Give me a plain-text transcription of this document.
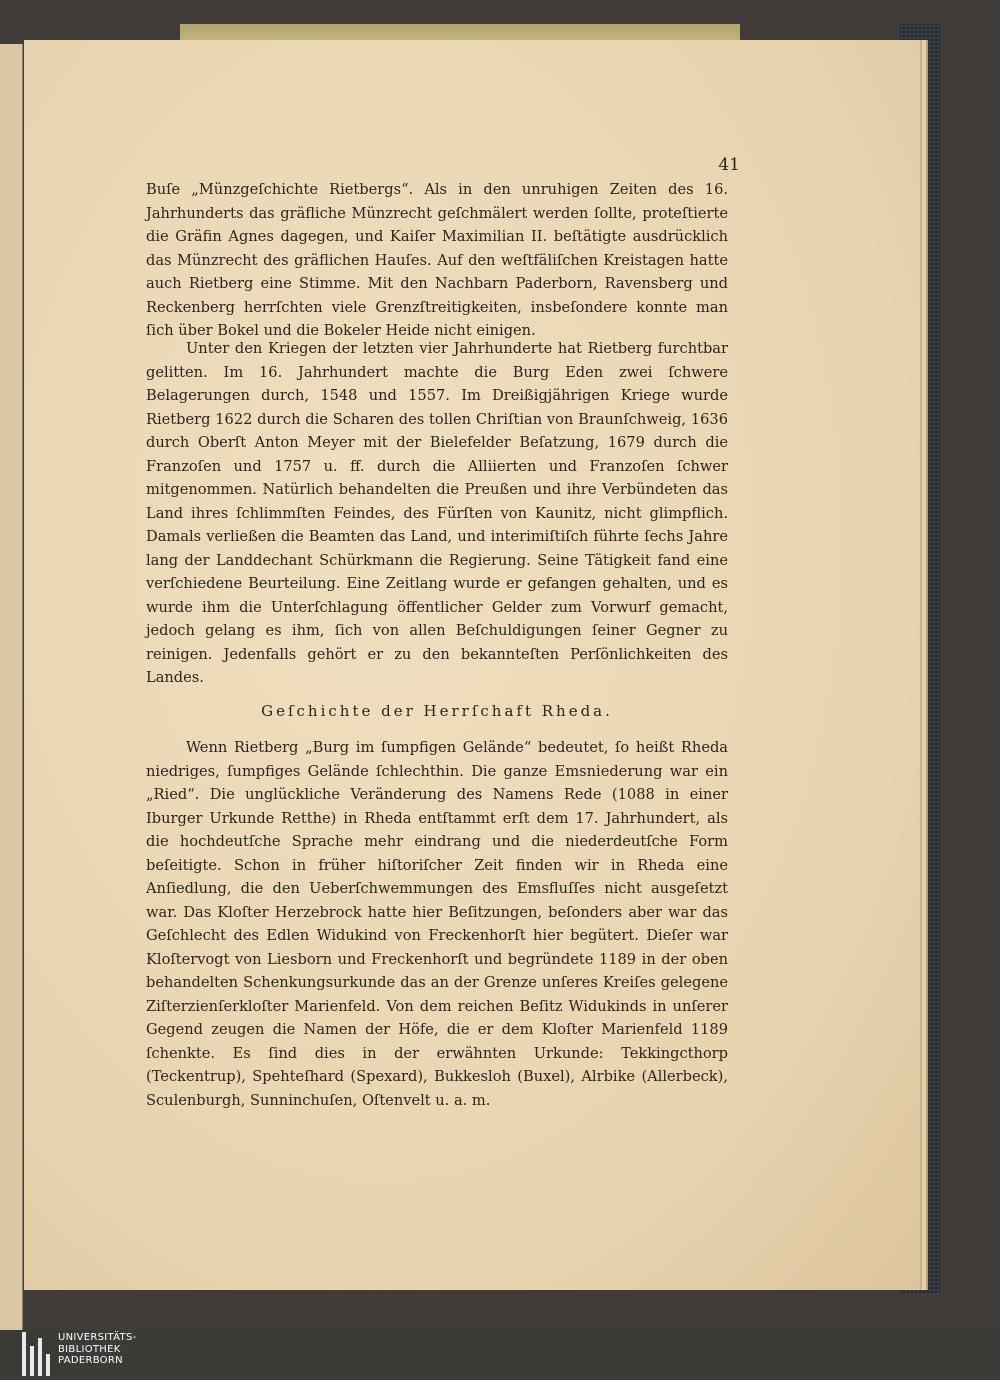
41

Buſe „Münzgeſchichte Rietbergs“. Als in den unruhigen Zeiten des 16. Jahrhunderts das gräfliche Münzrecht geſchmälert werden ſollte, proteſtierte die Gräfin Agnes dagegen, und Kaiſer Maximilian II. beſtätigte ausdrücklich das Münzrecht des gräflichen Hauſes. Auf den weſtfäliſchen Kreistagen hatte auch Rietberg eine Stimme. Mit den Nachbarn Paderborn, Ravensberg und Reckenberg herrſchten viele Grenzſtreitigkeiten, insbeſondere konnte man ſich über Bokel und die Bokeler Heide nicht einigen.

Unter den Kriegen der letzten vier Jahrhunderte hat Rietberg furchtbar gelitten. Im 16. Jahrhundert machte die Burg Eden zwei ſchwere Belagerungen durch, 1548 und 1557. Im Dreißigjährigen Kriege wurde Rietberg 1622 durch die Scharen des tollen Chriſtian von Braunſchweig, 1636 durch Oberſt Anton Meyer mit der Bielefelder Beſatzung, 1679 durch die Franzoſen und 1757 u. ff. durch die Alliierten und Franzoſen ſchwer mitgenommen. Natürlich behandelten die Preußen und ihre Verbündeten das Land ihres ſchlimmſten Feindes, des Fürſten von Kaunitz, nicht glimpflich. Damals verließen die Beamten das Land, und interimiſtiſch führte ſechs Jahre lang der Landdechant Schürkmann die Regierung. Seine Tätigkeit fand eine verſchiedene Beurteilung. Eine Zeitlang wurde er gefangen gehalten, und es wurde ihm die Unterſchlagung öffentlicher Gelder zum Vorwurf gemacht, jedoch gelang es ihm, ſich von allen Beſchuldigungen ſeiner Gegner zu reinigen. Jedenfalls gehört er zu den bekannteſten Perſönlichkeiten des Landes.

Geſchichte der Herrſchaft Rheda.

Wenn Rietberg „Burg im ſumpfigen Gelände“ bedeutet, ſo heißt Rheda niedriges, ſumpfiges Gelände ſchlechthin. Die ganze Emsniederung war ein „Ried“. Die unglückliche Veränderung des Namens Rede (1088 in einer Iburger Urkunde Retthe) in Rheda entſtammt erſt dem 17. Jahrhundert, als die hochdeutſche Sprache mehr eindrang und die niederdeutſche Form beſeitigte. Schon in früher hiſtoriſcher Zeit finden wir in Rheda eine Anſiedlung, die den Ueberſchwemmungen des Emsfluſſes nicht ausgeſetzt war. Das Kloſter Herzebrock hatte hier Beſitzungen, beſonders aber war das Geſchlecht des Edlen Widukind von Freckenhorſt hier begütert. Dieſer war Kloſtervogt von Liesborn und Freckenhorſt und begründete 1189 in der oben behandelten Schenkungsurkunde das an der Grenze unſeres Kreiſes gelegene Ziſterzienſerkloſter Marienfeld. Von dem reichen Beſitz Widukinds in unſerer Gegend zeugen die Namen der Höfe, die er dem Kloſter Marienfeld 1189 ſchenkte. Es ſind dies in der erwähnten Urkunde: Tekkingcthorp (Teckentrup), Spehteſhard (Spexard), Bukkesloh (Buxel), Alrbike (Allerbeck), Sculenburgh, Sunninchuſen, Oſtenvelt u. a. m.

UNIVERSITÄTS-
BIBLIOTHEK
PADERBORN
